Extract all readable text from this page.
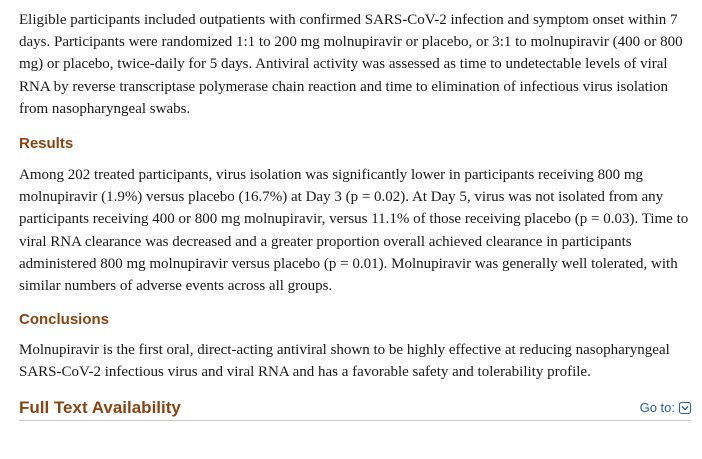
Eligible participants included outpatients with confirmed SARS-CoV-2 infection and symptom onset within 7 days. Participants were randomized 1:1 to 200 mg molnupiravir or placebo, or 3:1 to molnupiravir (400 or 800 mg) or placebo, twice-daily for 5 days. Antiviral activity was assessed as time to undetectable levels of viral RNA by reverse transcriptase polymerase chain reaction and time to elimination of infectious virus isolation from nasopharyngeal swabs.

Results

Among 202 treated participants, virus isolation was significantly lower in participants receiving 800 mg molnupiravir (1.9%) versus placebo (16.7%) at Day 3 (p = 0.02). At Day 5, virus was not isolated from any participants receiving 400 or 800 mg molnupiravir, versus 11.1% of those receiving placebo (p = 0.03). Time to viral RNA clearance was decreased and a greater proportion overall achieved clearance in participants administered 800 mg molnupiravir versus placebo (p = 0.01). Molnupiravir was generally well tolerated, with similar numbers of adverse events across all groups.

Conclusions

Molnupiravir is the first oral, direct-acting antiviral shown to be highly effective at reducing nasopharyngeal SARS-CoV-2 infectious virus and viral RNA and has a favorable safety and tolerability profile.

Full Text Availability	Go to:
